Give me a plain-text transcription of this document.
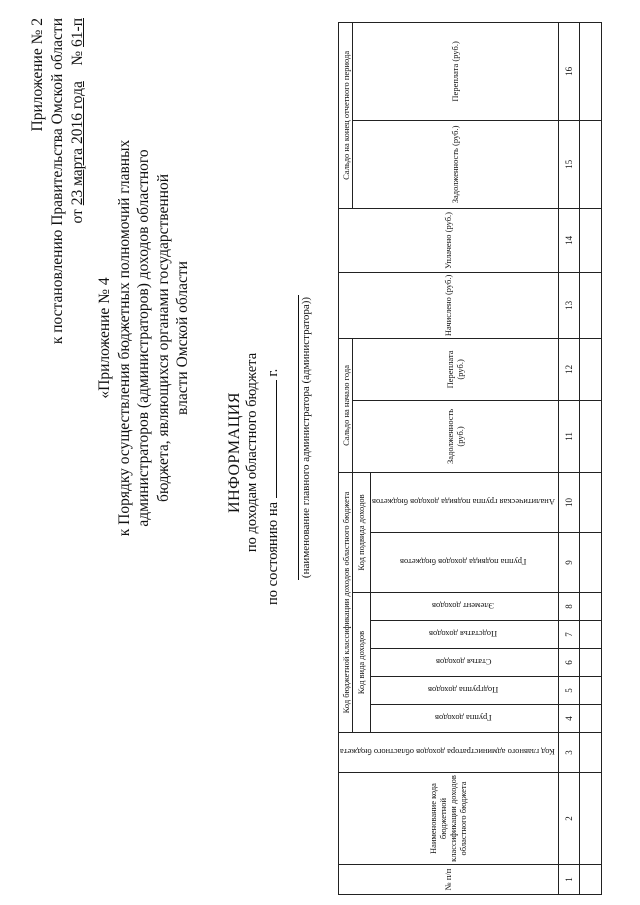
Приложение № 2 к постановлению Правительства Омской области от 23 марта 2016 года    № 61-п
«Приложение № 4 к Порядку осуществления бюджетных полномочий главных администраторов (администраторов) доходов областного бюджета, являющихся органами государственной власти Омской области
ИНФОРМАЦИЯ по доходам областного бюджета
по состоянию на  г. (наименование главного администратора (администратора))
№ п/п	Наименование кода бюджетной классификации доходов областного бюджета	Код главного администратора доходов областного бюджета	Код бюджетной классификации доходов областного бюджета							Сальдо на начало года		Начислено (руб.)	Уплачено (руб.)	Сальдо на конец отчетного периода	
			Код вида доходов					Код подвида доходов		Задолженность (руб.)	Переплата (руб.)			Задолженность (руб.)	Переплата (руб.)
			Группа доходов	Подгруппа доходов	Статья доходов	Подстатья доходов	Элемент доходов	Группа подвида доходов бюджетов	Аналитическая группа подвида доходов бюджетов						
1	2	3	4	5	6	7	8	9	10	11	12	13	14	15	16
